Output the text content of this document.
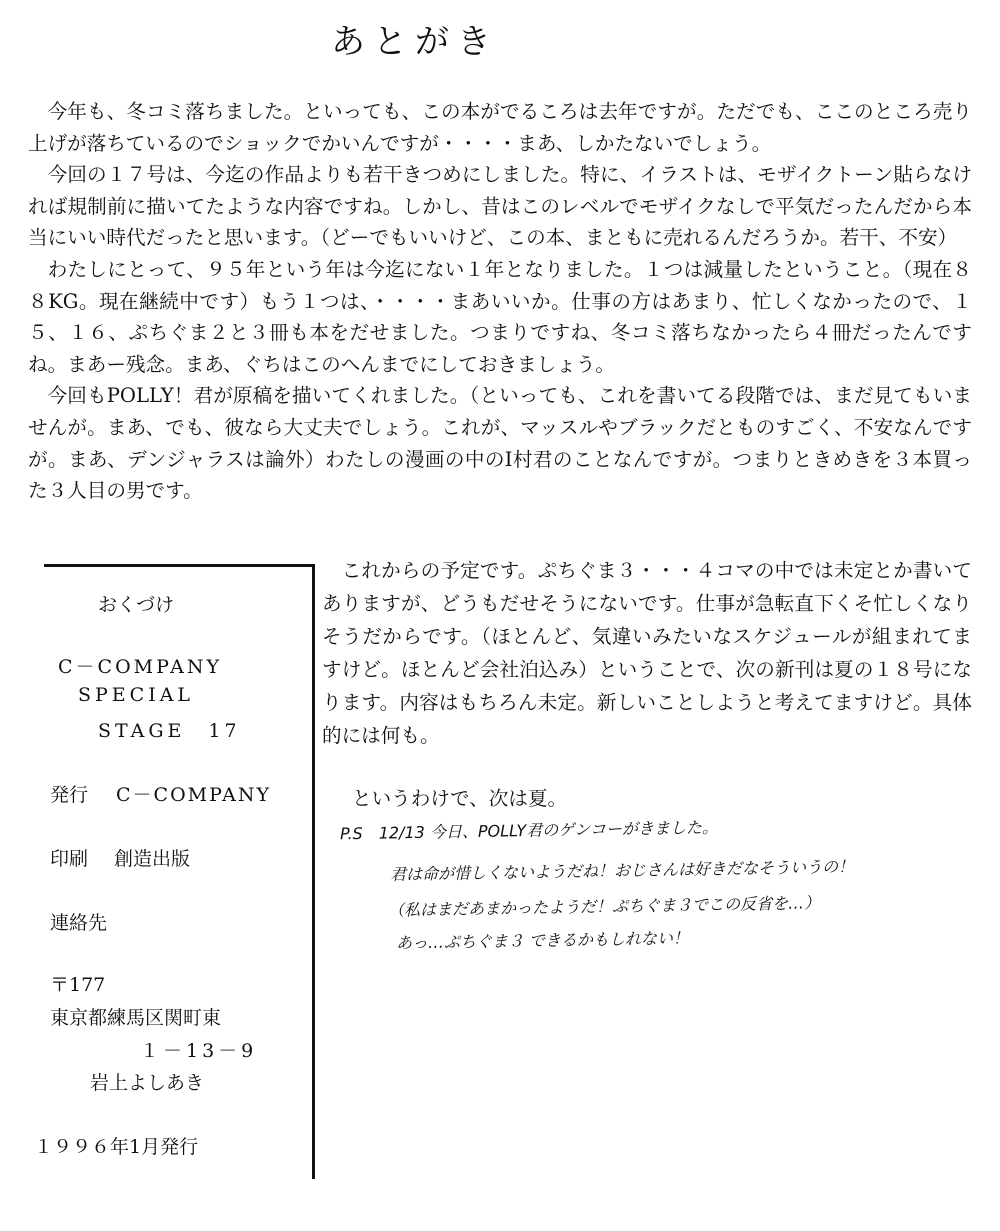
あとがき

今年も、冬コミ落ちました。といっても、この本がでるころは去年ですが。ただでも、ここのところ売り上げが落ちているのでショックでかいんですが・・・・まあ、しかたないでしょう。

今回の１７号は、今迄の作品よりも若干きつめにしました。特に、イラストは、モザイクトーン貼らなければ規制前に描いてたような内容ですね。しかし、昔はこのレベルでモザイクなしで平気だったんだから本当にいい時代だったと思います。（どーでもいいけど、この本、まともに売れるんだろうか。若干、不安）

わたしにとって、９５年という年は今迄にない１年となりました。１つは減量したということ。（現在８８KG。現在継続中です）もう１つは、・・・・まあいいか。仕事の方はあまり、忙しくなかったので、１５、１６、ぷちぐま２と３冊も本をだせました。つまりですね、冬コミ落ちなかったら４冊だったんですね。まあー残念。まあ、ぐちはこのへんまでにしておきましょう。

今回もPOLLY！君が原稿を描いてくれました。（といっても、これを書いてる段階では、まだ見てもいませんが。まあ、でも、彼なら大丈夫でしょう。これが、マッスルやブラックだとものすごく、不安なんですが。まあ、デンジャラスは論外）わたしの漫画の中のI村君のことなんですが。つまりときめきを３本買った３人目の男です。

おくづけ
C－COMPANY
SPECIAL
STAGE　17
発行 C－COMPANY
印刷 創造出版
連絡先
〒177
東京都練馬区関町東
１－13－9
岩上よしあき
１９９６年1月発行

これからの予定です。ぷちぐま３・・・４コマの中では未定とか書いてありますが、どうもだせそうにないです。仕事が急転直下くそ忙しくなりそうだからです。（ほとんど、気違いみたいなスケジュールが組まれてますけど。ほとんど会社泊込み）ということで、次の新刊は夏の１８号になります。内容はもちろん未定。新しいことしようと考えてますけど。具体的には何も。

というわけで、次は夏。
P.S　12/13 今日、POLLY君のゲンコーがきました。
君は命が惜しくないようだね！おじさんは好きだなそういうの！
（私はまだあまかったようだ！ぷちぐま３でこの反省を…）
あっ…ぷちぐま３ できるかもしれない！
